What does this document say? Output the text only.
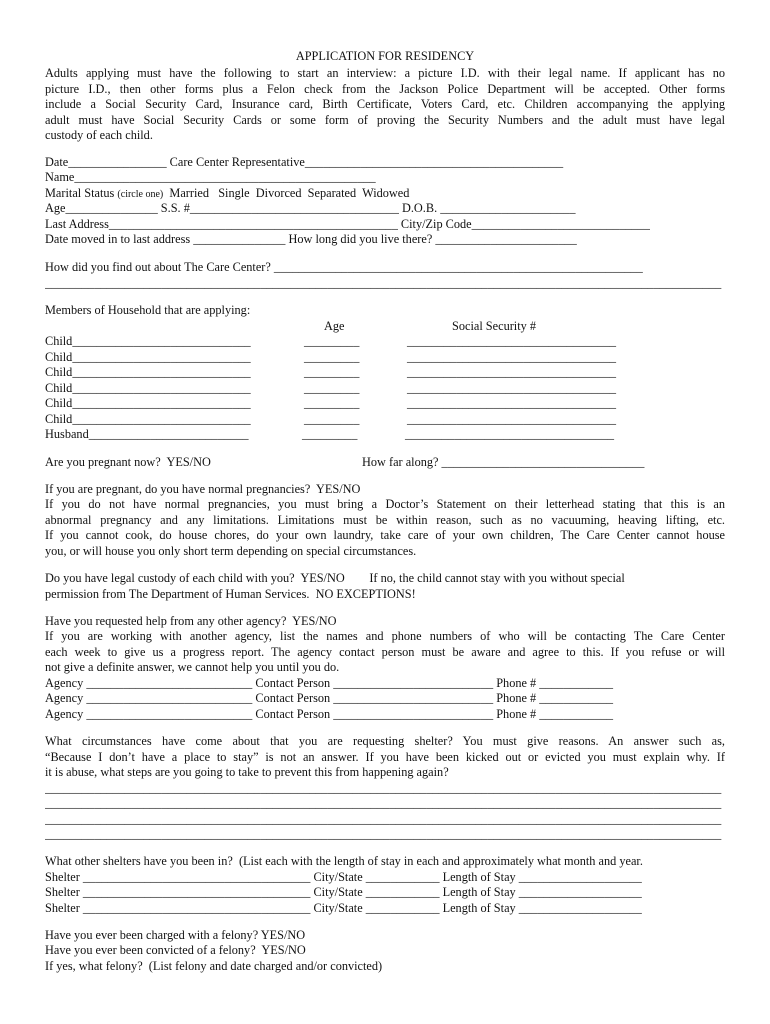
APPLICATION FOR RESIDENCY
Adults applying must have the following to start an interview: a picture I.D. with their legal name. If applicant has no
picture I.D., then other forms plus a Felon check from the Jackson Police Department will be accepted. Other forms
include a Social Security Card, Insurance card, Birth Certificate, Voters Card, etc. Children accompanying the applying
adult must have Social Security Cards or some form of proving the Security Numbers and the adult must have legal
custody of each child.
Date________________ Care Center Representative__________________________________________
Name_________________________________________________
Marital Status (circle one)  Married   Single  Divorced  Separated  Widowed
Age_______________ S.S. #__________________________________ D.O.B. ______________________
Last Address_______________________________________________ City/Zip Code_____________________________
Date moved in to last address _______________ How long did you live there? _______________________
How did you find out about The Care Center? ____________________________________________________________
______________________________________________________________________________________________________________
Members of Household that are applying:
Age	Social Security #
Child_____________________________	_________	__________________________________
Child_____________________________	_________	__________________________________
Child_____________________________	_________	__________________________________
Child_____________________________	_________	__________________________________
Child_____________________________	_________	__________________________________
Child_____________________________	_________	__________________________________
Husband__________________________	_________	__________________________________
Are you pregnant now?  YES/NO	How far along? _________________________________
If you are pregnant, do you have normal pregnancies?  YES/NO
If you do not have normal pregnancies, you must bring a Doctor’s Statement on their letterhead stating that this is an
abnormal pregnancy and any limitations. Limitations must be within reason, such as no vacuuming, heaving lifting, etc.
If you cannot cook, do house chores, do your own laundry, take care of your own children, The Care Center cannot house
you, or will house you only short term depending on special circumstances.
Do you have legal custody of each child with you?  YES/NO        If no, the child cannot stay with you without special
permission from The Department of Human Services.  NO EXCEPTIONS!
Have you requested help from any other agency?  YES/NO
If you are working with another agency, list the names and phone numbers of who will be contacting The Care Center
each week to give us a progress report. The agency contact person must be aware and agree to this. If you refuse or will
not give a definite answer, we cannot help you until you do.
Agency ___________________________ Contact Person __________________________ Phone # ____________
Agency ___________________________ Contact Person __________________________ Phone # ____________
Agency ___________________________ Contact Person __________________________ Phone # ____________
What circumstances have come about that you are requesting shelter? You must give reasons. An answer such as,
“Because I don’t have a place to stay” is not an answer. If you have been kicked out or evicted you must explain why. If
it is abuse, what steps are you going to take to prevent this from happening again?
______________________________________________________________________________________________________________
______________________________________________________________________________________________________________
______________________________________________________________________________________________________________
______________________________________________________________________________________________________________
What other shelters have you been in?  (List each with the length of stay in each and approximately what month and year.
Shelter _____________________________________ City/State ____________ Length of Stay ____________________
Shelter _____________________________________ City/State ____________ Length of Stay ____________________
Shelter _____________________________________ City/State ____________ Length of Stay ____________________
Have you ever been charged with a felony? YES/NO
Have you ever been convicted of a felony?  YES/NO
If yes, what felony?  (List felony and date charged and/or convicted)
